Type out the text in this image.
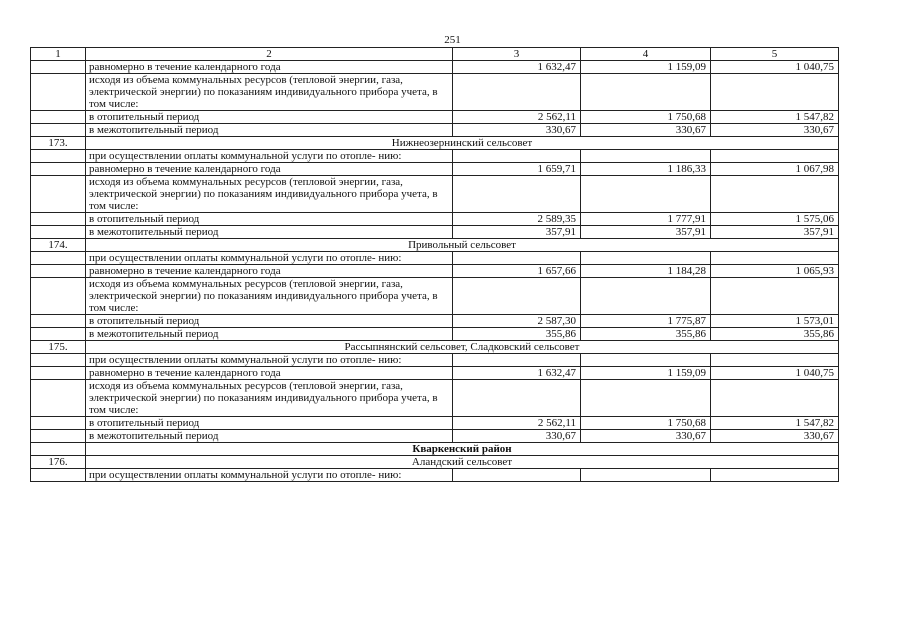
251
1	2	3	4	5
	равномерно в течение календарного года	1 632,47	1 159,09	1 040,75
	исходя из объема коммунальных ресурсов (тепловой энергии, газа, электрической энергии) по показаниям индивидуального прибора учета, в том числе:			
	в отопительный период	2 562,11	1 750,68	1 547,82
	в межотопительный период	330,67	330,67	330,67
173.	Нижнеозернинский сельсовет			
	при осуществлении оплаты коммунальной услуги по отопле- нию:			
	равномерно в течение календарного года	1 659,71	1 186,33	1 067,98
	исходя из объема коммунальных ресурсов (тепловой энергии, газа, электрической энергии) по показаниям индивидуального прибора учета, в том числе:			
	в отопительный период	2 589,35	1 777,91	1 575,06
	в межотопительный период	357,91	357,91	357,91
174.	Привольный сельсовет			
	при осуществлении оплаты коммунальной услуги по отопле- нию:			
	равномерно в течение календарного года	1 657,66	1 184,28	1 065,93
	исходя из объема коммунальных ресурсов (тепловой энергии, газа, электрической энергии) по показаниям индивидуального прибора учета, в том числе:			
	в отопительный период	2 587,30	1 775,87	1 573,01
	в межотопительный период	355,86	355,86	355,86
175.	Рассыпнянский сельсовет, Сладковский сельсовет			
	при осуществлении оплаты коммунальной услуги по отопле- нию:			
	равномерно в течение календарного года	1 632,47	1 159,09	1 040,75
	исходя из объема коммунальных ресурсов (тепловой энергии, газа, электрической энергии) по показаниям индивидуального прибора учета, в том числе:			
	в отопительный период	2 562,11	1 750,68	1 547,82
	в межотопительный период	330,67	330,67	330,67
	Кваркенский район			
176.	Аландский сельсовет			
	при осуществлении оплаты коммунальной услуги по отопле- нию:			
